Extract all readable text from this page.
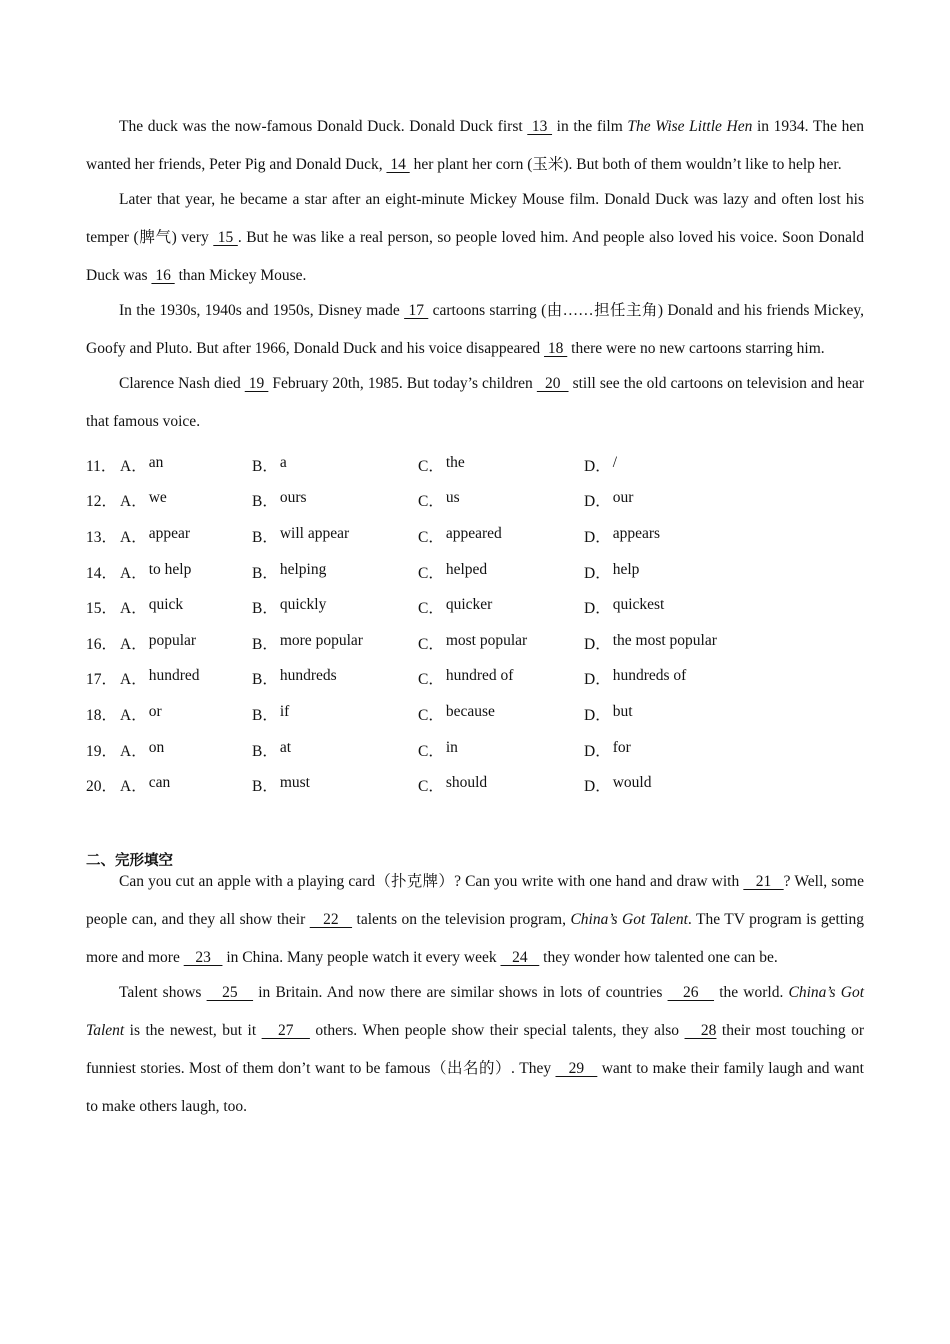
The duck was the now-famous Donald Duck. Donald Duck first  13  in the film The Wise Little Hen in 1934. The hen wanted her friends, Peter Pig and Donald Duck,  14  her plant her corn (玉米). But both of them wouldn’t like to help her.

Later that year, he became a star after an eight-minute Mickey Mouse film. Donald Duck was lazy and often lost his temper (脾气) very  15 . But he was like a real person, so people loved him. And people also loved his voice. Soon Donald Duck was  16  than Mickey Mouse.

In the 1930s, 1940s and 1950s, Disney made  17  cartoons starring (由……担任主角) Donald and his friends Mickey, Goofy and Pluto. But after 1966, Donald Duck and his voice disappeared  18  there were no new cartoons starring him.

Clarence Nash died  19  February 20th, 1985. But today’s children   20   still see the old cartoons on television and hear that famous voice.

11． A． an	B． a	C． the	D． /
12． A． we	B． ours	C． us	D． our
13． A． appear	B． will appear	C． appeared	D． appears
14． A． to help	B． helping	C． helped	D． help
15． A． quick	B． quickly	C． quicker	D． quickest
16． A． popular	B． more popular	C． most popular	D． the most popular
17． A． hundred	B． hundreds	C． hundred of	D． hundreds of
18． A． or	B． if	C． because	D． but
19． A． on	B． at	C． in	D． for
20． A． can	B． must	C． should	D． would
二、完形填空

Can you cut an apple with a playing card（扑克牌）? Can you write with one hand and draw with    21   ? Well, some people can, and they all show their    22    talents on the television program, China’s Got Talent. The TV program is getting more and more    23    in China. Many people watch it every week    24    they wonder how talented one can be.

Talent shows    25    in Britain. And now there are similar shows in lots of countries    26    the world. China’s Got Talent is the newest, but it    27    others. When people show their special talents, they also    28 their most touching or funniest stories. Most of them don’t want to be famous（出名的）. They    29    want to make their family laugh and want to make others laugh, too.
